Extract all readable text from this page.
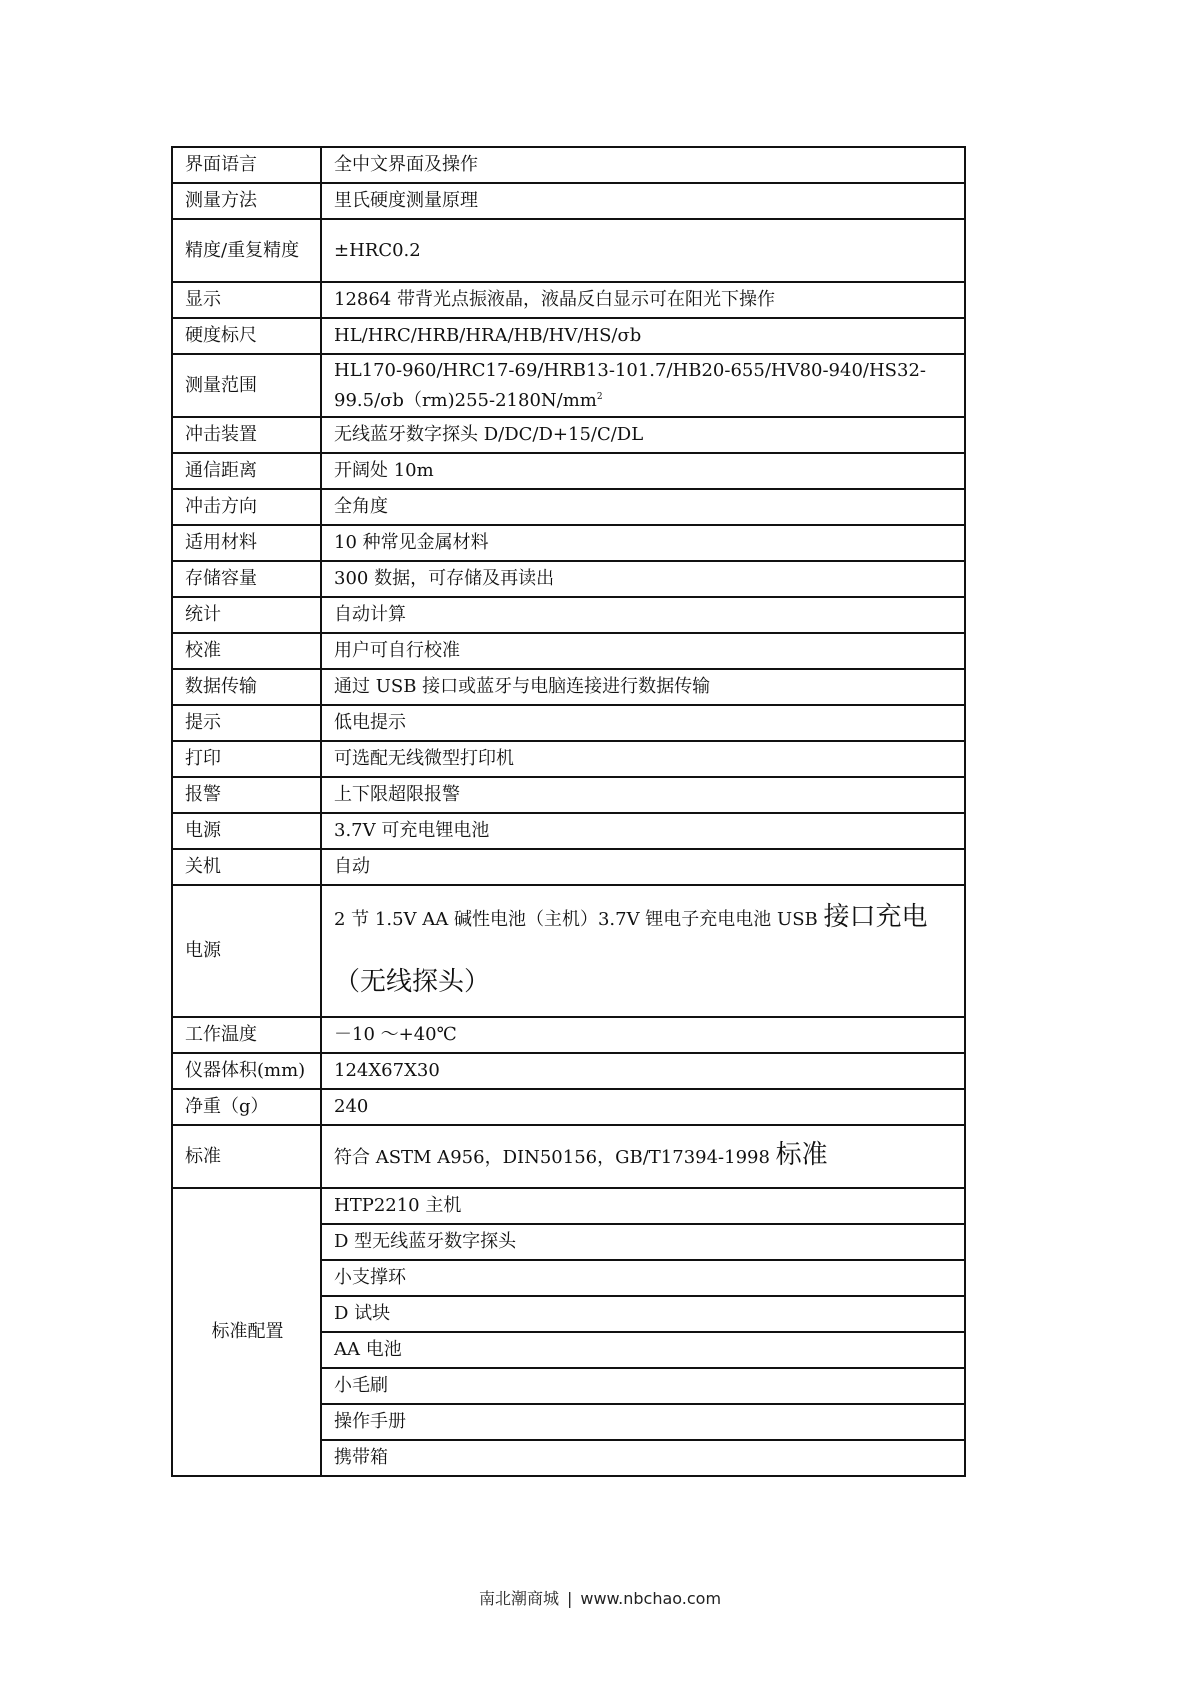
界面语言	全中文界面及操作
测量方法	里氏硬度测量原理
精度/重复精度	±HRC0.2
显示	12864 带背光点振液晶，液晶反白显示可在阳光下操作
硬度标尺	HL/HRC/HRB/HRA/HB/HV/HS/σb
测量范围	$HL170-960/HRC17-69/HRB13-101.7/HB20-655/HV80-940/HS32-99.5/\sigma b(rm)255-2180N/mm^2$
冲击装置	无线蓝牙数字探头 D/DC/D+15/C/DL
通信距离	开阔处 10m
冲击方向	全角度
适用材料	10 种常见金属材料
存储容量	300 数据，可存储及再读出
统计	自动计算
校准	用户可自行校准
数据传输	通过 USB 接口或蓝牙与电脑连接进行数据传输
提示	低电提示
打印	可选配无线微型打印机
报警	上下限超限报警
电源	3.7V 可充电锂电池
关机	自动
电源	2 节 1.5V AA 碱性电池（主机）3.7V 锂电子充电电池 USB 接口充电（无线探头）
工作温度	－10 ～+40℃
仪器体积(mm)	124X67X30
净重（g）	240
标准	符合 ASTM A956，DIN50156，GB/T17394-1998 标准
标准配置	HTP2210 主机
	D 型无线蓝牙数字探头
	小支撑环
	D 试块
	AA 电池
	小毛刷
	操作手册
	携带箱
南北潮商城 | www.nbchao.com
